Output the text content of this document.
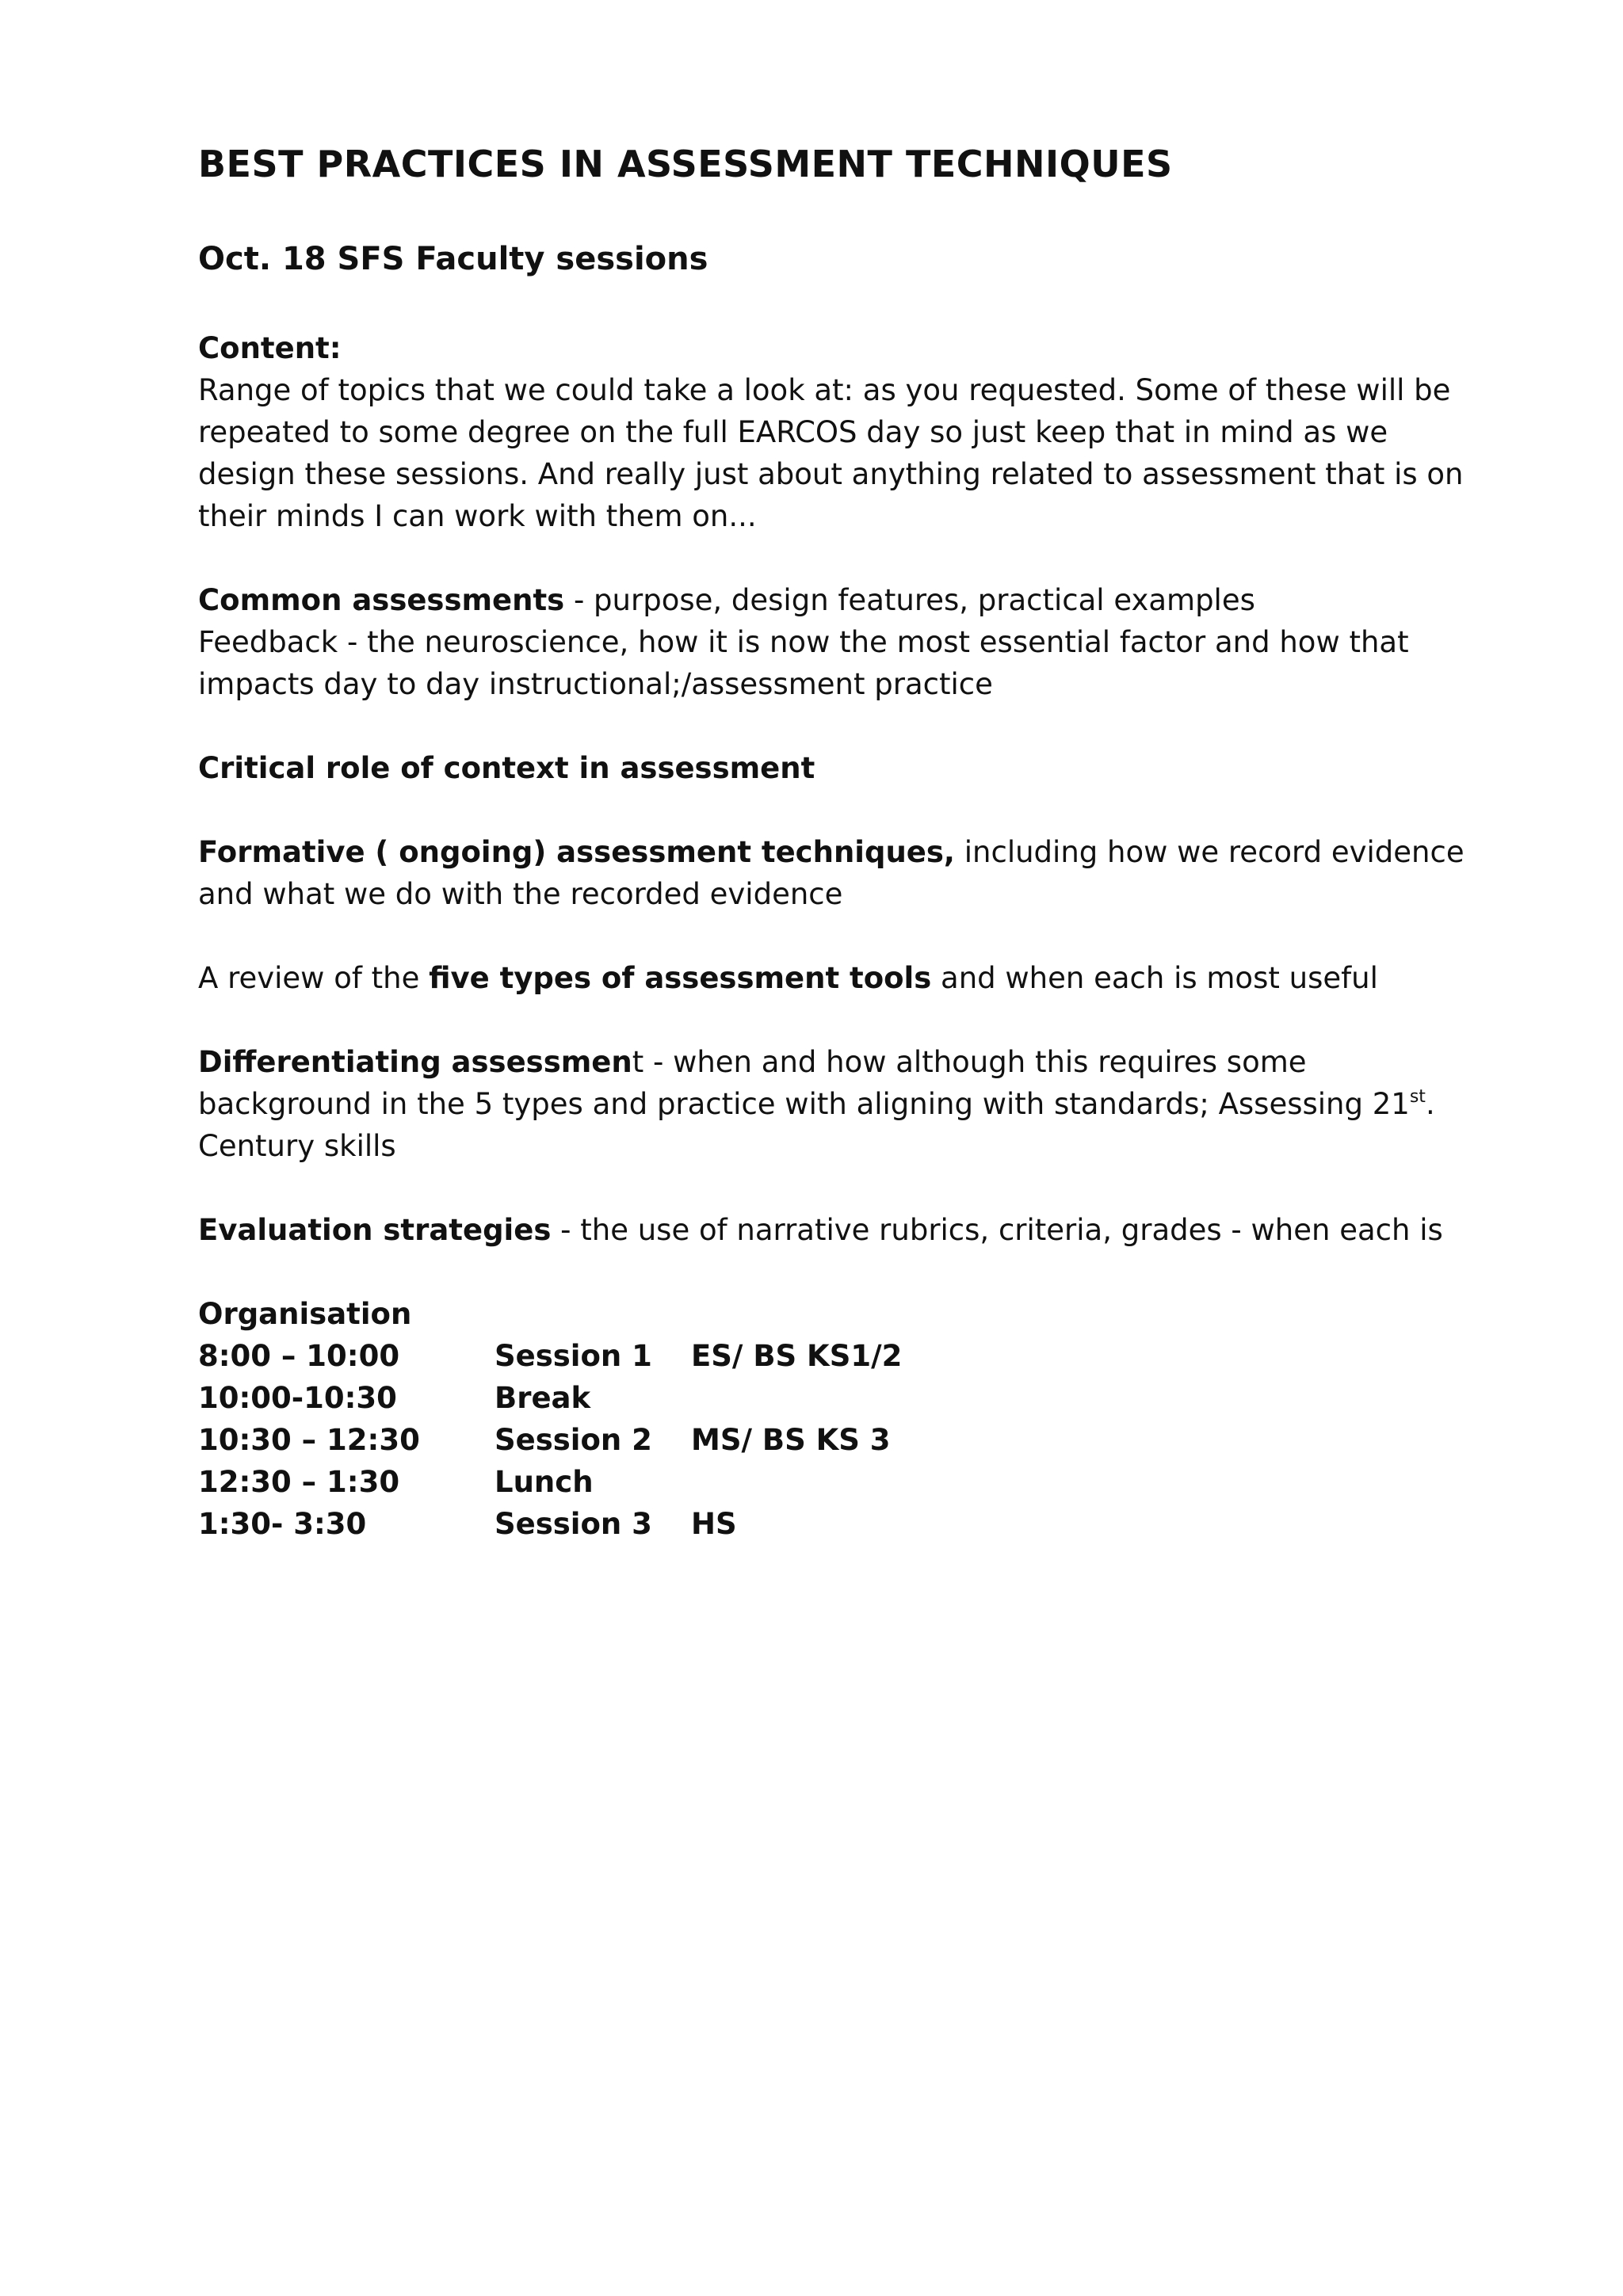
BEST PRACTICES IN ASSESSMENT TECHNIQUES
Oct. 18 SFS Faculty sessions
Content:
Range of topics that we could take a look at: as you requested. Some of these will be repeated to some degree on the full EARCOS day so just keep that in mind as we design these sessions. And really just about anything related to assessment that is on their minds I can work with them on...
Common assessments - purpose, design features, practical examples
Feedback - the neuroscience, how it is now the most essential factor and how that impacts day to day instructional;/assessment practice
Critical role of context in assessment
Formative ( ongoing) assessment techniques, including how we record evidence and what we do with the recorded evidence
A review of the five types of assessment tools and when each is most useful
Differentiating assessment - when and how although this requires some background in the 5 types and practice with aligning with standards; Assessing 21st. Century skills
Evaluation strategies - the use of narrative rubrics, criteria, grades - when each is
Organisation
8:00 – 10:00	Session 1	ES/ BS KS1/2
10:00-10:30	Break
10:30 – 12:30	Session 2	MS/ BS KS 3
12:30 – 1:30	Lunch
1:30- 3:30	Session 3	HS
